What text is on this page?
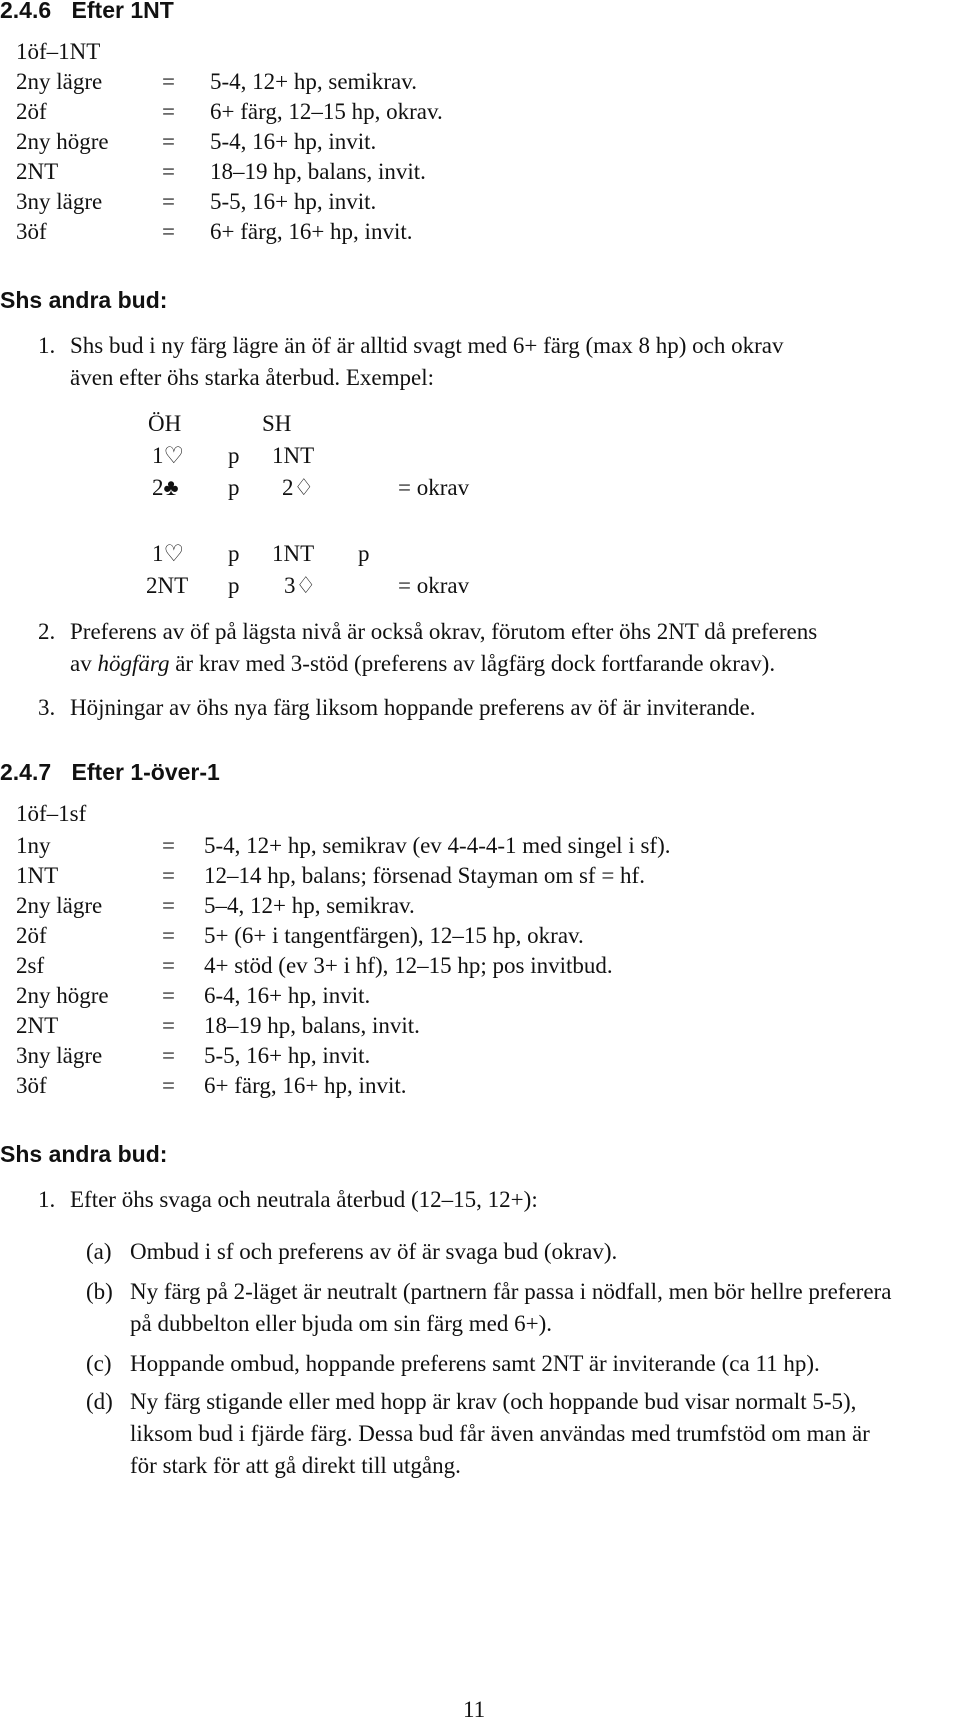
2.4.6 Efter 1NT
1öf–1NT
2ny lägre	= 5-4, 12+ hp, semikrav.
2öf	= 6+ färg, 12–15 hp, okrav.
2ny högre = 5-4, 16+ hp, invit.
2NT	= 18–19 hp, balans, invit.
3ny lägre	= 5-5, 16+ hp, invit.
3öf	= 6+ färg, 16+ hp, invit.
Shs andra bud:
1. Shs bud i ny färg lägre än öf är alltid svagt med 6+ färg (max 8 hp) och okrav
även efter öhs starka återbud. Exempel:
ÖH	SH
1♡ p 1NT
2♣ p 2♢	= okrav
1♡ p 1NT p
2NT p 3♢	= okrav
2. Preferens av öf på lägsta nivå är också okrav, förutom efter öhs 2NT då preferens
av högfärg är krav med 3-stöd (preferens av lågfärg dock fortfarande okrav).
3. Höjningar av öhs nya färg liksom hoppande preferens av öf är inviterande.
2.4.7 Efter 1-över-1
1öf–1sf
1ny	= 5-4, 12+ hp, semikrav (ev 4-4-4-1 med singel i sf).
1NT	= 12–14 hp, balans; försenad Stayman om sf = hf.
2ny lägre	= 5–4, 12+ hp, semikrav.
2öf	= 5+ (6+ i tangentfärgen), 12–15 hp, okrav.
2sf	= 4+ stöd (ev 3+ i hf), 12–15 hp; pos invitbud.
2ny högre = 6-4, 16+ hp, invit.
2NT	= 18–19 hp, balans, invit.
3ny lägre	= 5-5, 16+ hp, invit.
3öf	= 6+ färg, 16+ hp, invit.
Shs andra bud:
1. Efter öhs svaga och neutrala återbud (12–15, 12+):
(a) Ombud i sf och preferens av öf är svaga bud (okrav).
(b) Ny färg på 2-läget är neutralt (partnern får passa i nödfall, men bör hellre preferera på dubbelton eller bjuda om sin färg med 6+).
(c) Hoppande ombud, hoppande preferens samt 2NT är inviterande (ca 11 hp).
(d) Ny färg stigande eller med hopp är krav (och hoppande bud visar normalt 5-5), liksom bud i fjärde färg. Dessa bud får även användas med trumfstöd om man är för stark för att gå direkt till utgång.
11
